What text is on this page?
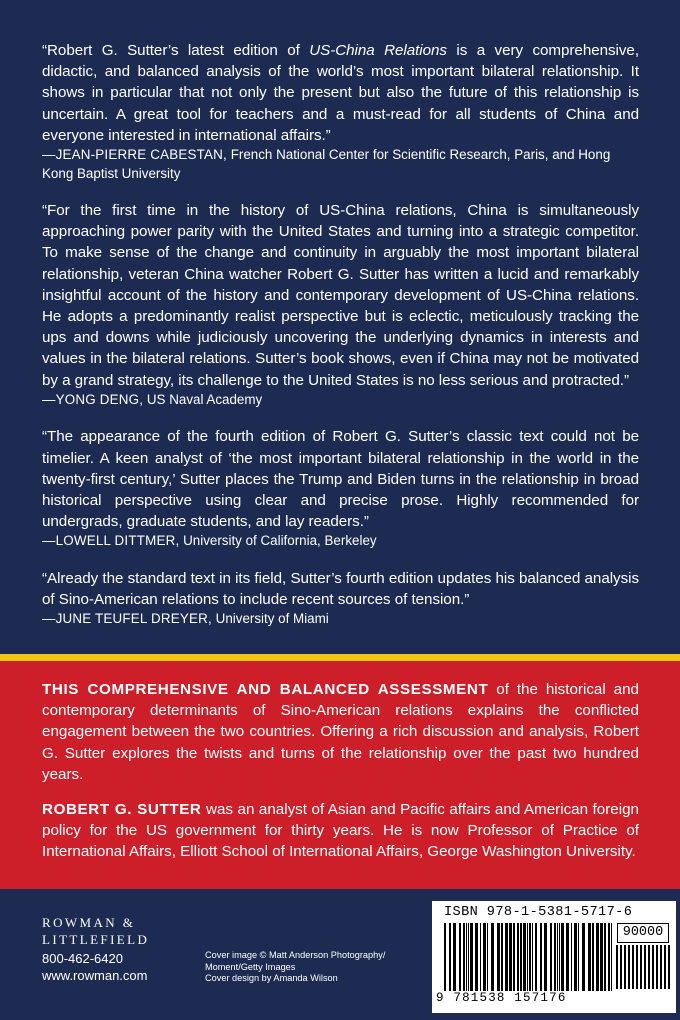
“Robert G. Sutter’s latest edition of US-China Relations is a very comprehensive, didactic, and balanced analysis of the world’s most important bilateral relationship. It shows in particular that not only the present but also the future of this relationship is uncertain. A great tool for teachers and a must-read for all students of China and everyone interested in international affairs.”

—JEAN-PIERRE CABESTAN, French National Center for Scientific Research, Paris, and Hong Kong Baptist University

“For the first time in the history of US-China relations, China is simultaneously approaching power parity with the United States and turning into a strategic competitor. To make sense of the change and continuity in arguably the most important bilateral relationship, veteran China watcher Robert G. Sutter has written a lucid and remarkably insightful account of the history and contemporary development of US-China relations. He adopts a predominantly realist perspective but is eclectic, meticulously tracking the ups and downs while judiciously uncovering the underlying dynamics in interests and values in the bilateral relations. Sutter’s book shows, even if China may not be motivated by a grand strategy, its challenge to the United States is no less serious and protracted.”

—YONG DENG, US Naval Academy

“The appearance of the fourth edition of Robert G. Sutter’s classic text could not be timelier. A keen analyst of ‘the most important bilateral relationship in the world in the twenty-first century,’ Sutter places the Trump and Biden turns in the relationship in broad historical perspective using clear and precise prose. Highly recommended for undergrads, graduate students, and lay readers.”

—LOWELL DITTMER, University of California, Berkeley

“Already the standard text in its field, Sutter’s fourth edition updates his balanced analysis of Sino-American relations to include recent sources of tension.”

—JUNE TEUFEL DREYER, University of Miami

THIS COMPREHENSIVE AND BALANCED ASSESSMENT of the historical and contemporary determinants of Sino-American relations explains the conflicted engagement between the two countries. Offering a rich discussion and analysis, Robert G. Sutter explores the twists and turns of the relationship over the past two hundred years.

ROBERT G. SUTTER was an analyst of Asian and Pacific affairs and American foreign policy for the US government for thirty years. He is now Professor of Practice of International Affairs, Elliott School of International Affairs, George Washington University.

ROWMAN &
LITTLEFIELD
800-462-6420
www.rowman.com
Cover image © Matt Anderson Photography/
Moment/Getty Images
Cover design by Amanda Wilson
ISBN 978-1-5381-5717-6
90000
9 781538 157176
